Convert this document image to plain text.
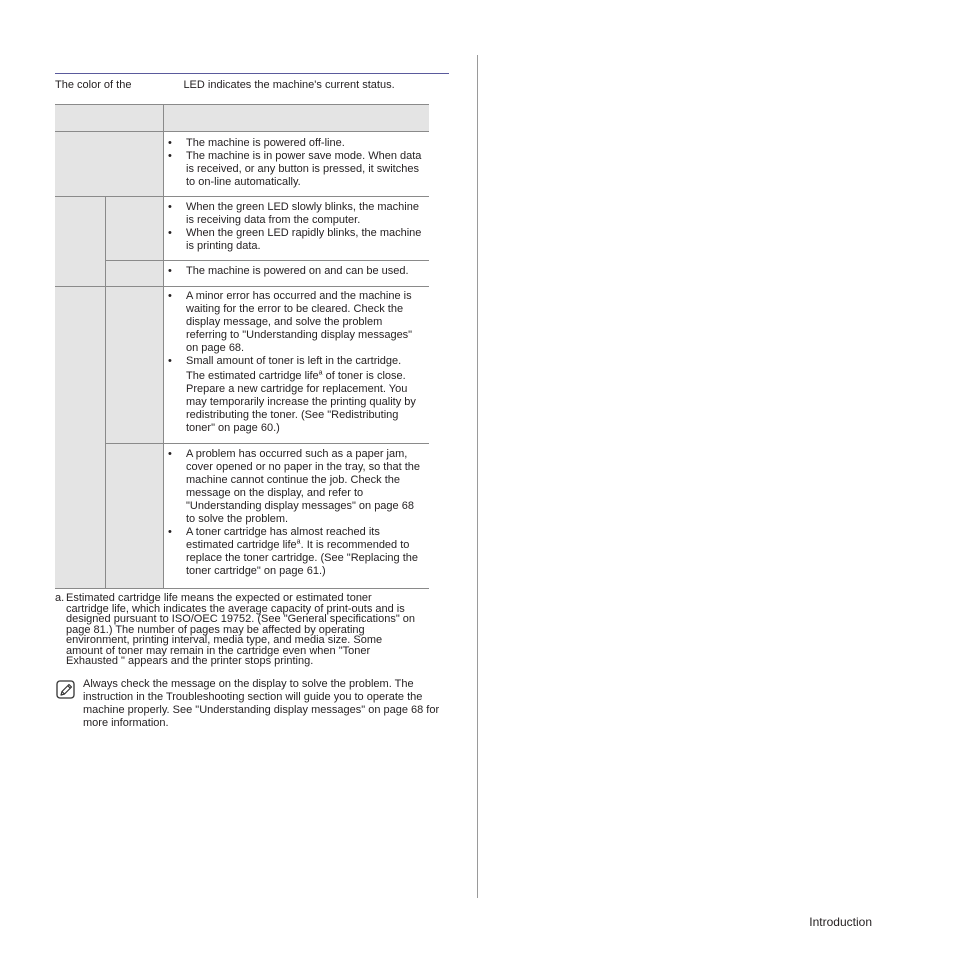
The color of the	LED indicates the machine's current status.
• The machine is powered off-line.
• The machine is in power save mode. When data is received, or any button is pressed, it switches to on-line automatically.
• When the green LED slowly blinks, the machine is receiving data from the computer.
• When the green LED rapidly blinks, the machine is printing data.
• The machine is powered on and can be used.
• A minor error has occurred and the machine is waiting for the error to be cleared. Check the display message, and solve the problem referring to "Understanding display messages" on page 68.
• Small amount of toner is left in the cartridge.

The estimated cartridge life$^a$ of toner is close. Prepare a new cartridge for replacement. You may temporarily increase the printing quality by redistributing the toner. (See "Redistributing toner" on page 60.)

• A problem has occurred such as a paper jam, cover opened or no paper in the tray, so that the machine cannot continue the job. Check the message on the display, and refer to "Understanding display messages" on page 68 to solve the problem.
• A toner cartridge has almost reached its estimated cartridge life$^a$. It is recommended to replace the toner cartridge. (See "Replacing the toner cartridge" on page 61.)
a. Estimated cartridge life means the expected or estimated toner cartridge life, which indicates the average capacity of print-outs and is designed pursuant to ISO/OEC 19752. (See "General specifications" on page 81.) The number of pages may be affected by operating environment, printing interval, media type, and media size. Some amount of toner may remain in the cartridge even when "Toner Exhausted " appears and the printer stops printing.
Always check the message on the display to solve the problem. The instruction in the Troubleshooting section will guide you to operate the machine properly. See "Understanding display messages" on page 68 for more information.
Introduction
